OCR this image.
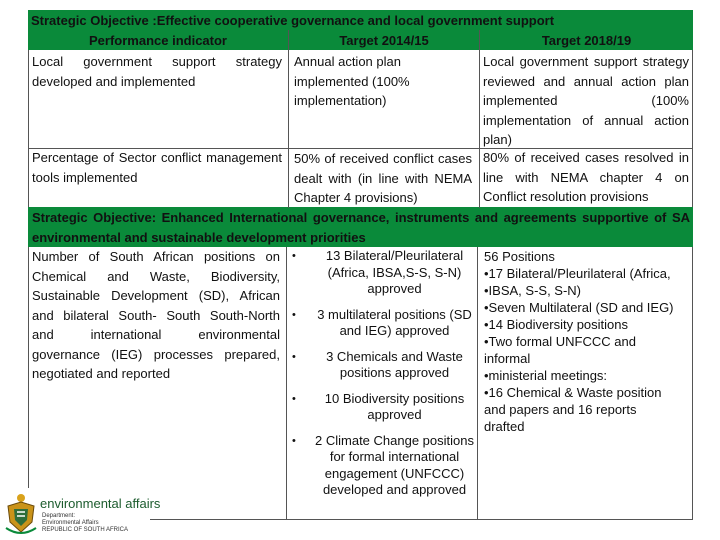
Strategic Objective :Effective cooperative governance and local government support
Performance indicator	Target 2014/15	Target 2018/19
Local government support strategy developed and implemented
Annual action plan implemented (100% implementation)
Local government support strategy reviewed and annual action plan implemented (100% implementation of annual action plan)
Percentage of Sector conflict management tools implemented
50% of received conflict cases dealt with (in line with NEMA Chapter 4 provisions)
80% of received cases resolved in line with NEMA chapter 4 on Conflict resolution provisions
Strategic Objective: Enhanced International governance, instruments and agreements supportive of SA environmental and sustainable development priorities
Number of South African positions on Chemical and Waste, Biodiversity, Sustainable Development (SD), African and bilateral South- South South-North and international environmental governance (IEG) processes prepared, negotiated and reported
• 13 Bilateral/Pleurilateral (Africa, IBSA,S-S, S-N) approved
• 3 multilateral positions (SD and IEG) approved
• 3 Chemicals and Waste positions approved
• 10 Biodiversity positions approved
• 2 Climate Change positions for formal international engagement (UNFCCC) developed and approved
56 Positions
•17 Bilateral/Pleurilateral (Africa,
•IBSA, S-S, S-N)
•Seven Multilateral (SD and IEG)
•14 Biodiversity positions
•Two formal UNFCCC and
informal
•ministerial meetings:
•16 Chemical & Waste position
and papers and 16 reports
drafted
environmental affairs
Department:
Environmental Affairs
REPUBLIC OF SOUTH AFRICA
